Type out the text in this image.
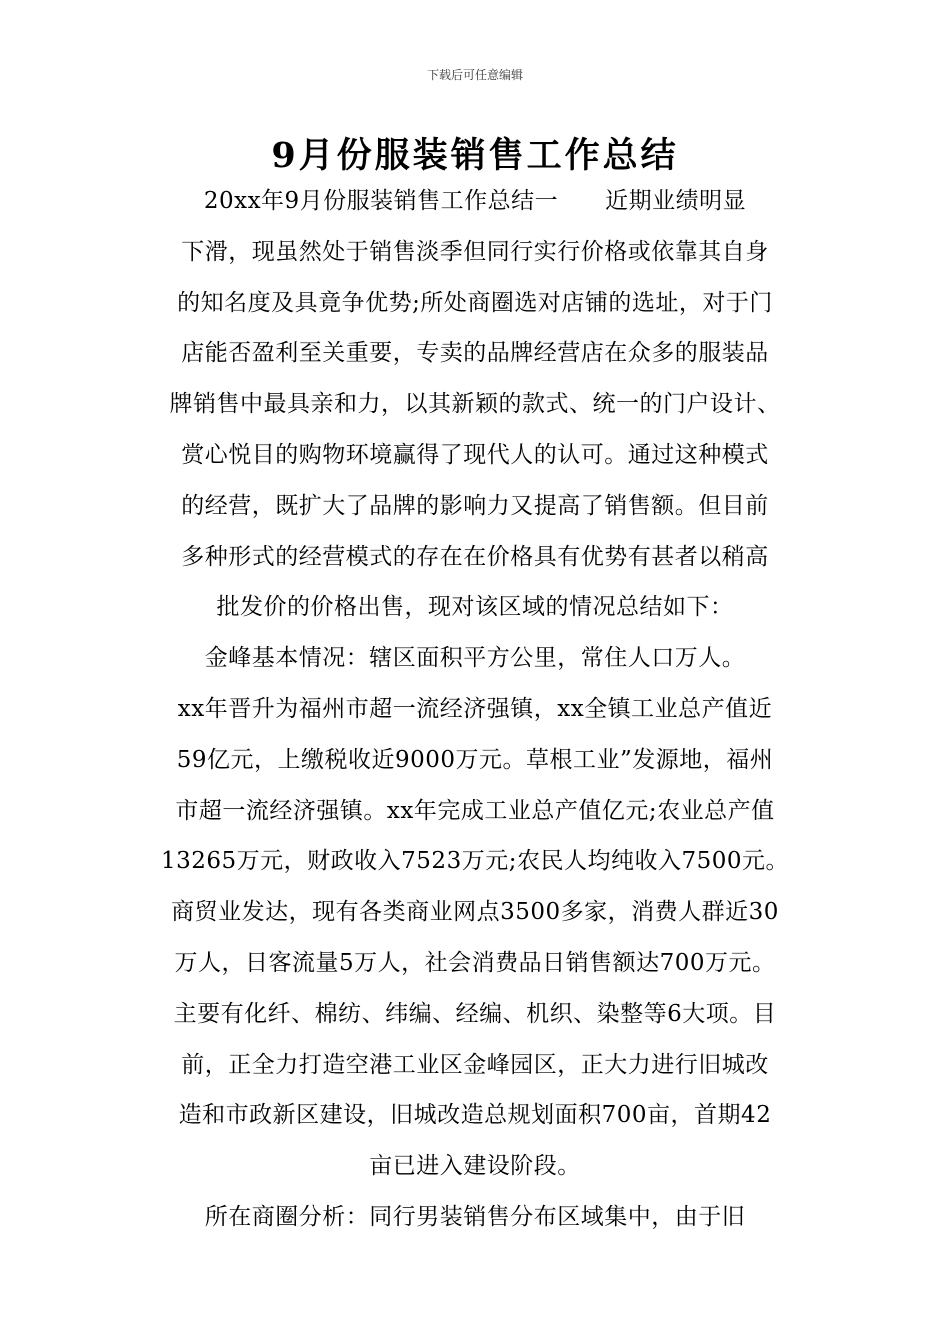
下载后可任意编辑
9月份服装销售工作总结
20xx年9月份服装销售工作总结一　　近期业绩明显
下滑，现虽然处于销售淡季但同行实行价格或依靠其自身
的知名度及具竟争优势;所处商圈选对店铺的选址，对于门
店能否盈利至关重要，专卖的品牌经营店在众多的服装品
牌销售中最具亲和力，以其新颖的款式、统一的门户设计、
赏心悦目的购物环境赢得了现代人的认可。通过这种模式
的经营，既扩大了品牌的影响力又提高了销售额。但目前
多种形式的经营模式的存在在价格具有优势有甚者以稍高
批发价的价格出售，现对该区域的情况总结如下：
金峰基本情况：辖区面积平方公里，常住人口万人。
xx年晋升为福州市超一流经济强镇，xx全镇工业总产值近
59亿元，上缴税收近9000万元。草根工业”发源地，福州
市超一流经济强镇。xx年完成工业总产值亿元;农业总产值
13265万元，财政收入7523万元;农民人均纯收入7500元。
商贸业发达，现有各类商业网点3500多家，消费人群近30
万人，日客流量5万人，社会消费品日销售额达700万元。
主要有化纤、棉纺、纬编、经编、机织、染整等6大项。目
前，正全力打造空港工业区金峰园区，正大力进行旧城改
造和市政新区建设，旧城改造总规划面积700亩，首期42
亩已进入建设阶段。
所在商圈分析：同行男装销售分布区域集中，由于旧
